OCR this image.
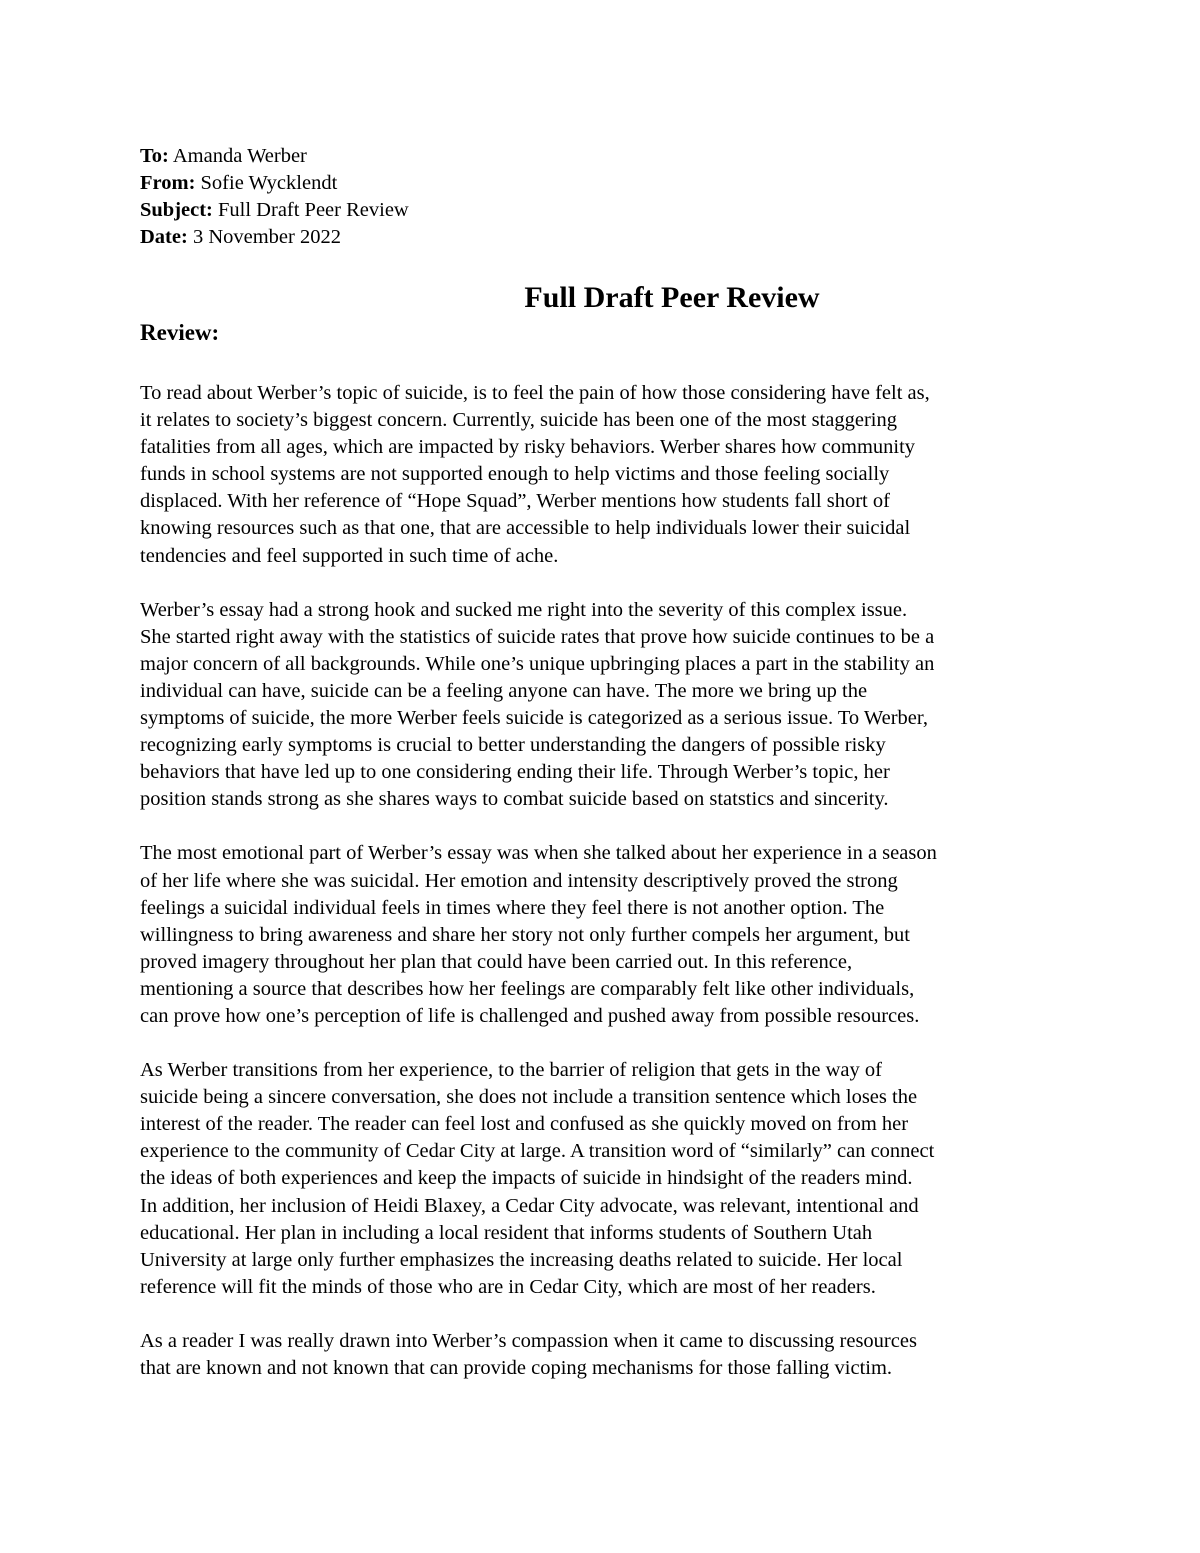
To: Amanda Werber
From: Sofie Wycklendt
Subject: Full Draft Peer Review
Date: 3 November 2022
Full Draft Peer Review
Review:

To read about Werber’s topic of suicide, is to feel the pain of how those considering have felt as,
it relates to society’s biggest concern. Currently, suicide has been one of the most staggering
fatalities from all ages, which are impacted by risky behaviors. Werber shares how community
funds in school systems are not supported enough to help victims and those feeling socially
displaced. With her reference of “Hope Squad”, Werber mentions how students fall short of
knowing resources such as that one, that are accessible to help individuals lower their suicidal
tendencies and feel supported in such time of ache.

Werber’s essay had a strong hook and sucked me right into the severity of this complex issue.
She started right away with the statistics of suicide rates that prove how suicide continues to be a
major concern of all backgrounds. While one’s unique upbringing places a part in the stability an
individual can have, suicide can be a feeling anyone can have. The more we bring up the
symptoms of suicide, the more Werber feels suicide is categorized as a serious issue. To Werber,
recognizing early symptoms is crucial to better understanding the dangers of possible risky
behaviors that have led up to one considering ending their life. Through Werber’s topic, her
position stands strong as she shares ways to combat suicide based on statstics and sincerity.

The most emotional part of Werber’s essay was when she talked about her experience in a season
of her life where she was suicidal. Her emotion and intensity descriptively proved the strong
feelings a suicidal individual feels in times where they feel there is not another option. The
willingness to bring awareness and share her story not only further compels her argument, but
proved imagery throughout her plan that could have been carried out. In this reference,
mentioning a source that describes how her feelings are comparably felt like other individuals,
can prove how one’s perception of life is challenged and pushed away from possible resources.

As Werber transitions from her experience, to the barrier of religion that gets in the way of
suicide being a sincere conversation, she does not include a transition sentence which loses the
interest of the reader. The reader can feel lost and confused as she quickly moved on from her
experience to the community of Cedar City at large. A transition word of “similarly” can connect
the ideas of both experiences and keep the impacts of suicide in hindsight of the readers mind.
In addition, her inclusion of Heidi Blaxey, a Cedar City advocate, was relevant, intentional and
educational. Her plan in including a local resident that informs students of Southern Utah
University at large only further emphasizes the increasing deaths related to suicide. Her local
reference will fit the minds of those who are in Cedar City, which are most of her readers.

As a reader I was really drawn into Werber’s compassion when it came to discussing resources
that are known and not known that can provide coping mechanisms for those falling victim.
